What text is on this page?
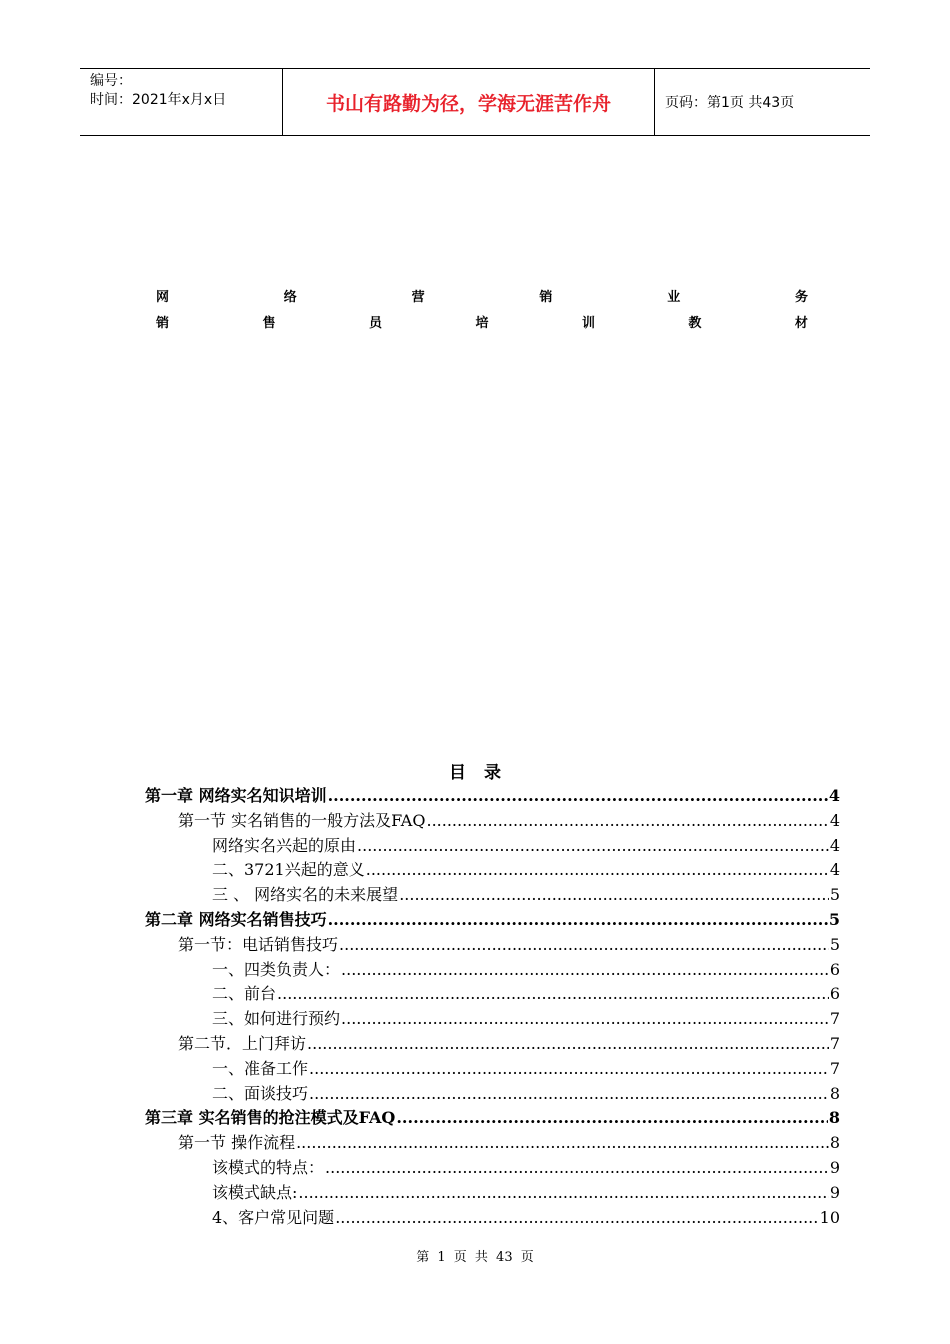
编号：
时间：2021年x月x日	书山有路勤为径，学海无涯苦作舟	页码：第1页 共43页
网	络	营	销	业	务
销	售	员	培	训	教	材
目录
第一章 网络实名知识培训 .....	4
第一节 实名销售的一般方法及FAQ .....	4
网络实名兴起的原由 .....	4
二、3721兴起的意义 .....	4
三 、 网络实名的未来展望 .....	5
第二章 网络实名销售技巧 .....	5
第一节：电话销售技巧 .....	5
一、四类负责人： .....	6
二、前台 .....	6
三、如何进行预约 .....	7
第二节．上门拜访 .....	7
一、准备工作 .....	7
二、面谈技巧 .....	8
第三章 实名销售的抢注模式及FAQ .....	8
第一节 操作流程 .....	8
该模式的特点： .....	9
该模式缺点: .....	9
4、客户常见问题 .....	10
第 1 页 共 43 页
